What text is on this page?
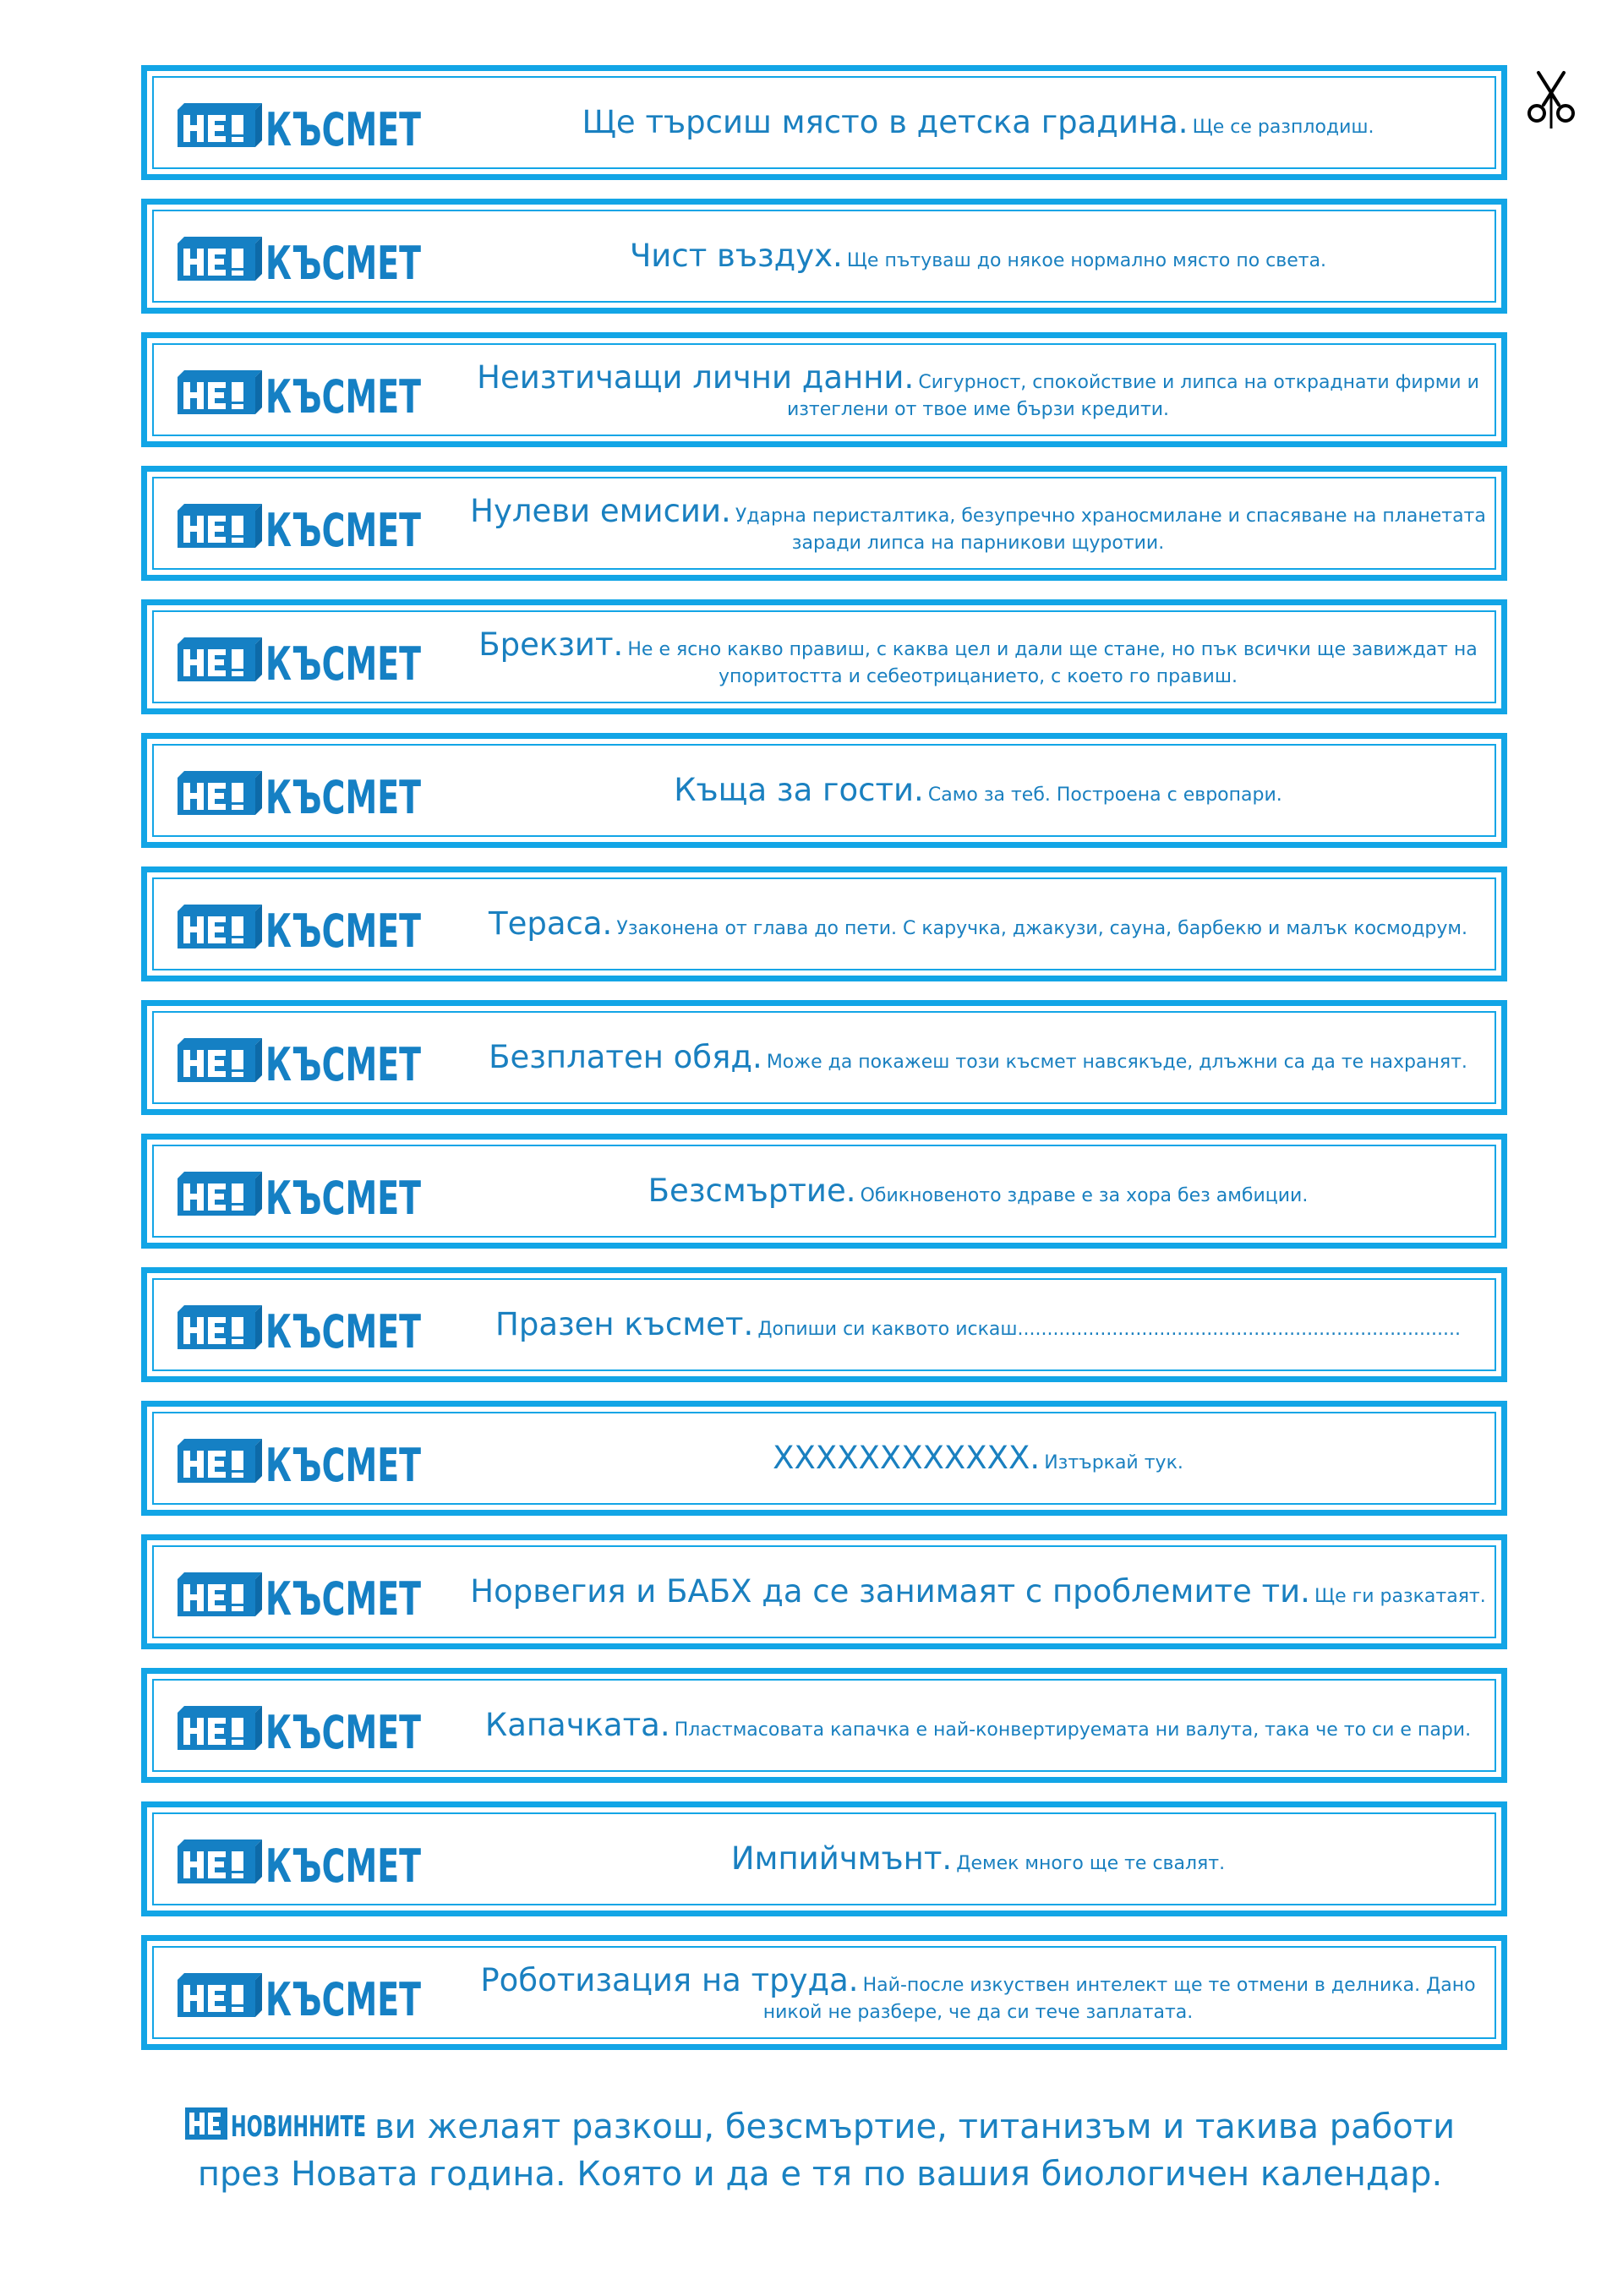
Ще търсиш място в детска градина. Ще се разплодиш.

Чист въздух. Ще пътуваш до някое нормално място по света.

Неизтичащи лични данни. Сигурност, спокойствие и липса на откраднати фирми и изтеглени от твое име бързи кредити.

Нулеви емисии. Ударна перисталтика, безупречно храносмилане и спасяване на планетата заради липса на парникови щуротии.

Брекзит. Не е ясно какво правиш, с каква цел и дали ще стане, но пък всички ще завиждат на упоритостта и себеотрицанието, с което го правиш.

Къща за гости. Само за теб. Построена с европари.

Тераса. Узаконена от глава до пети. С каручка, джакузи, сауна, барбекю и малък космодрум.

Безплатен обяд. Може да покажеш този късмет навсякъде, длъжни са да те нахранят.

Безсмъртие. Обикновеното здраве е за хора без амбиции.

Празен късмет. Допиши си каквото искаш...........................................................................

XXXXXXXXXXXX. Изтъркай тук.

Норвегия и БАБХ да се занимаят с проблемите ти. Ще ги разкатаят.

Капачката. Пластмасовата капачка е най-конвертируемата ни валута, така че то си е пари.

Импийчмънт. Демек много ще те свалят.

Роботизация на труда. Най-после изкуствен интелект ще те отмени в делника. Дано никой не разбере, че да си тече заплатата.

НОВИННИТЕ ви желаят разкош, безсмъртие, титанизъм и такива работи
през Новата година. Която и да е тя по вашия биологичен календар.
